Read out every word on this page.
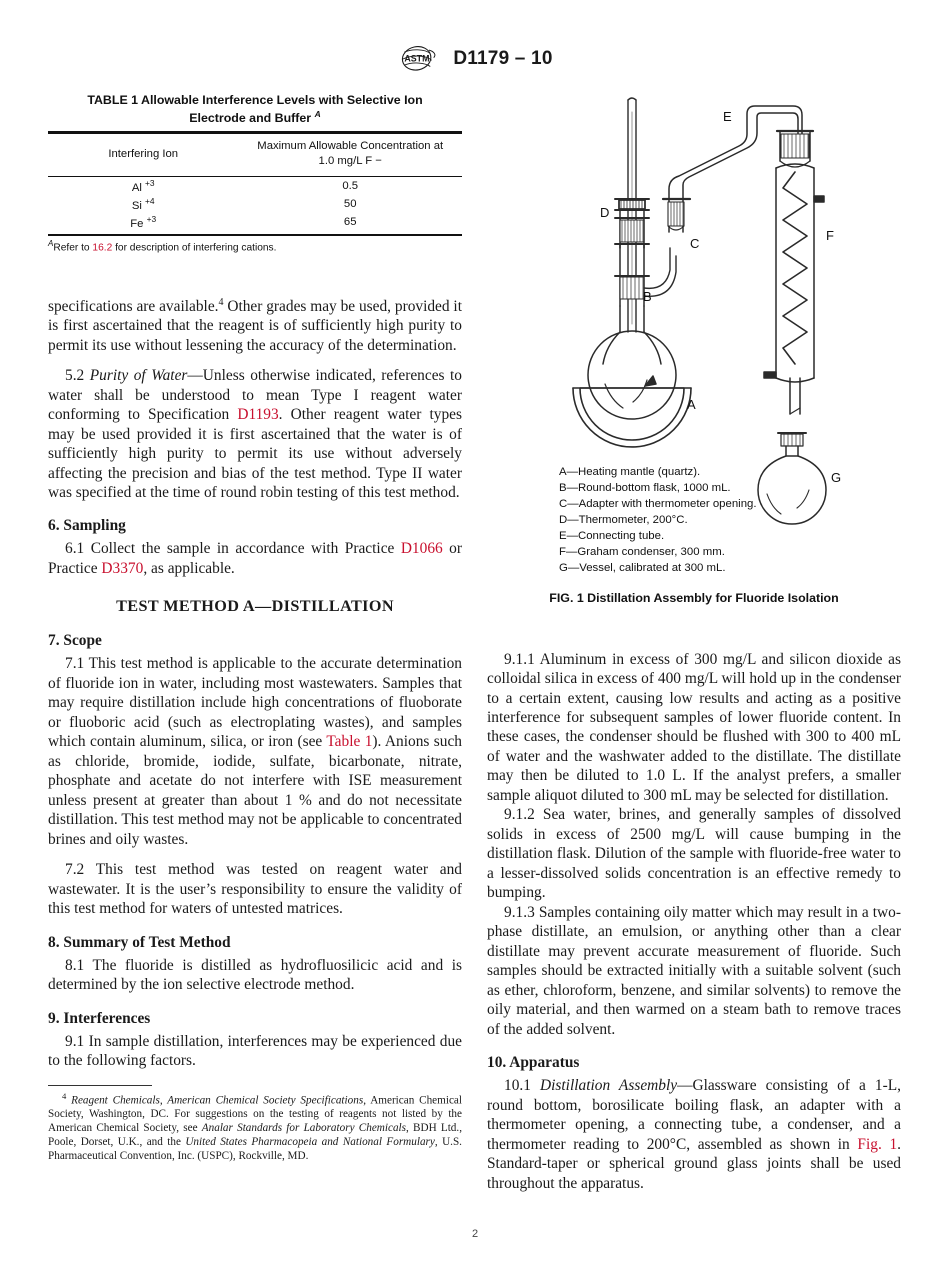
ASTM D1179 – 10
TABLE 1 Allowable Interference Levels with Selective Ion
Electrode and Buffer $^A$

Interfering Ion	Maximum Allowable Concentration at
1.0 mg/L F −
Al $^{+3}$	0.5
Si $^{+4}$	50
Fe $^{+3}$	65

$^A$Refer to 16.2 for description of interfering cations.

specifications are available.$^4$ Other grades may be used, provided it is first ascertained that the reagent is of sufficiently high purity to permit its use without lessening the accuracy of the determination.

5.2 Purity of Water—Unless otherwise indicated, references to water shall be understood to mean Type I reagent water conforming to Specification D1193. Other reagent water types may be used provided it is first ascertained that the water is of sufficiently high purity to permit its use without adversely affecting the precision and bias of the test method. Type II water was specified at the time of round robin testing of this test method.

6. Sampling

6.1 Collect the sample in accordance with Practice D1066 or Practice D3370, as applicable.

TEST METHOD A—DISTILLATION
7. Scope

7.1 This test method is applicable to the accurate determination of fluoride ion in water, including most wastewaters. Samples that may require distillation include high concentrations of fluoborate or fluoboric acid (such as electroplating wastes), and samples which contain aluminum, silica, or iron (see Table 1). Anions such as chloride, bromide, iodide, sulfate, bicarbonate, nitrate, phosphate and acetate do not interfere with ISE measurement unless present at greater than about 1 % and do not necessitate distillation. This test method may not be applicable to concentrated brines and oily wastes.

7.2 This test method was tested on reagent water and wastewater. It is the user’s responsibility to ensure the validity of this test method for waters of untested matrices.

8. Summary of Test Method

8.1 The fluoride is distilled as hydrofluosilicic acid and is determined by the ion selective electrode method.

9. Interferences

9.1 In sample distillation, interferences may be experienced due to the following factors.

$^4$ Reagent Chemicals, American Chemical Society Specifications, American Chemical Society, Washington, DC. For suggestions on the testing of reagents not listed by the American Chemical Society, see Analar Standards for Laboratory Chemicals, BDH Ltd., Poole, Dorset, U.K., and the United States Pharmacopeia and National Formulary, U.S. Pharmaceutical Convention, Inc. (USPC), Rockville, MD.

B
A
C
D
E
F
G
A—Heating mantle (quartz).
B—Round-bottom flask, 1000 mL.
C—Adapter with thermometer opening.
D—Thermometer, 200°C.
E—Connecting tube.
F—Graham condenser, 300 mm.
G—Vessel, calibrated at 300 mL.
FIG. 1 Distillation Assembly for Fluoride Isolation

9.1.1 Aluminum in excess of 300 mg/L and silicon dioxide as colloidal silica in excess of 400 mg/L will hold up in the condenser to a certain extent, causing low results and acting as a positive interference for subsequent samples of lower fluoride content. In these cases, the condenser should be flushed with 300 to 400 mL of water and the washwater added to the distillate. The distillate may then be diluted to 1.0 L. If the analyst prefers, a smaller sample aliquot diluted to 300 mL may be selected for distillation.

9.1.2 Sea water, brines, and generally samples of dissolved solids in excess of 2500 mg/L will cause bumping in the distillation flask. Dilution of the sample with fluoride-free water to a lesser-dissolved solids concentration is an effective remedy to bumping.

9.1.3 Samples containing oily matter which may result in a two-phase distillate, an emulsion, or anything other than a clear distillate may prevent accurate measurement of fluoride. Such samples should be extracted initially with a suitable solvent (such as ether, chloroform, benzene, and similar solvents) to remove the oily material, and then warmed on a steam bath to remove traces of the added solvent.

10. Apparatus

10.1 Distillation Assembly—Glassware consisting of a 1-L, round bottom, borosilicate boiling flask, an adapter with a thermometer opening, a connecting tube, a condenser, and a thermometer reading to 200°C, assembled as shown in Fig. 1. Standard-taper or spherical ground glass joints shall be used throughout the apparatus.

2
